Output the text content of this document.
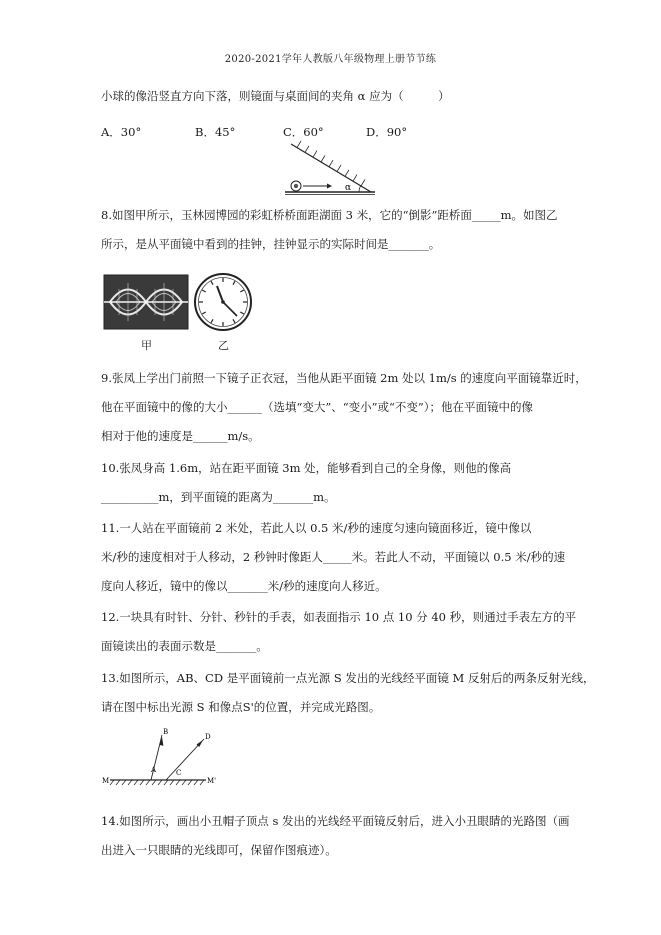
2020-2021学年人教版八年级物理上册节节练
小球的像沿竖直方向下落，则镜面与桌面间的夹角 α 应为（　　　）
A．30°	B．45°	C．60°	D．90°
α
8.如图甲所示，玉林园博园的彩虹桥桥面距湖面 3 米，它的“倒影”距桥面_____m。如图乙
所示，是从平面镜中看到的挂钟，挂钟显示的实际时间是_______。
甲	乙
9.张凤上学出门前照一下镜子正衣冠，当他从距平面镜 2m 处以 1m/s 的速度向平面镜靠近时，
他在平面镜中的像的大小______（选填“变大”、“变小”或“不变”）；他在平面镜中的像
相对于他的速度是______m/s。
10.张凤身高 1.6m，站在距平面镜 3m 处，能够看到自己的全身像，则他的像高
__________m，到平面镜的距离为_______m。
11.一人站在平面镜前 2 米处，若此人以 0.5 米/秒的速度匀速向镜面移近，镜中像以
米/秒的速度相对于人移动，2 秒钟时像距人_____米。若此人不动，平面镜以 0.5 米/秒的速
度向人移近，镜中的像以_______米/秒的速度向人移近。
12.一块具有时针、分针、秒针的手表，如表面指示 10 点 10 分 40 秒，则通过手表左方的平
面镜读出的表面示数是_______。
13.如图所示，AB、CD 是平面镜前一点光源 S 发出的光线经平面镜 M 反射后的两条反射光线，
请在图中标出光源 S 和像点S'的位置，并完成光路图。
B
D
A	C
M	M'
14.如图所示，画出小丑帽子顶点 s 发出的光线经平面镜反射后，进入小丑眼睛的光路图（画
出进入一只眼睛的光线即可，保留作图痕迹）。
